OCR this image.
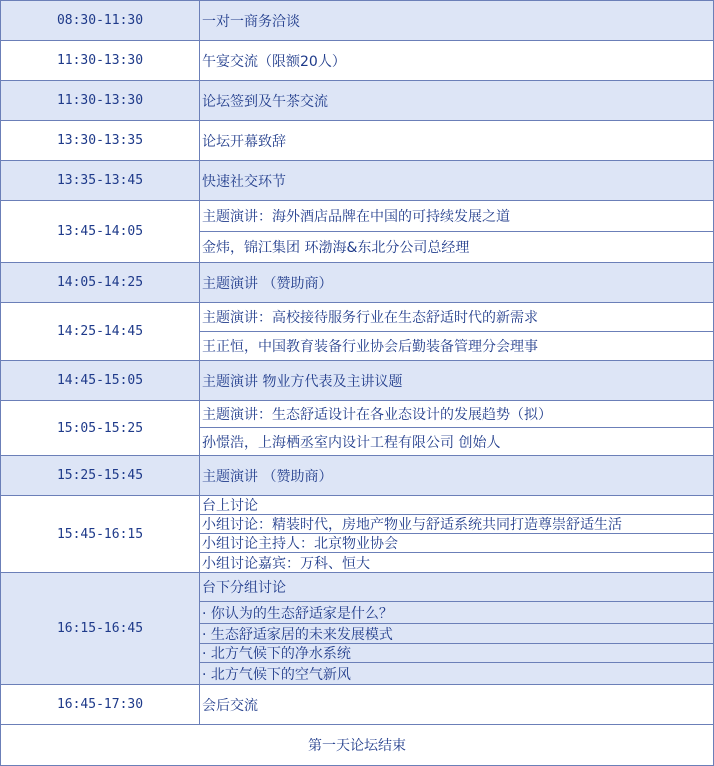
08:30-11:30	一对一商务洽谈
11:30-13:30	午宴交流（限额20人）
11:30-13:30	论坛签到及午茶交流
13:30-13:35	论坛开幕致辞
13:35-13:45	快速社交环节
13:45-14:05	主题演讲：海外酒店品牌在中国的可持续发展之道
金炜，锦江集团 环渤海&东北分公司总经理

14:05-14:25	主题演讲 （赞助商）
14:25-14:45	主题演讲：高校接待服务行业在生态舒适时代的新需求
王正恒，中国教育装备行业协会后勤装备管理分会理事

14:45-15:05	主题演讲 物业方代表及主讲议题
15:05-15:25	主题演讲：生态舒适设计在各业态设计的发展趋势（拟）
孙憬浩，上海栖丞室内设计工程有限公司 创始人

15:25-15:45	主题演讲 （赞助商）
15:45-16:15	台上讨论
小组讨论：精装时代，房地产物业与舒适系统共同打造尊崇舒适生活
小组讨论主持人：北京物业协会
小组讨论嘉宾：万科、恒大

16:15-16:45	台下分组讨论
· 你认为的生态舒适家是什么？
· 生态舒适家居的未来发展模式
· 北方气候下的净水系统
· 北方气候下的空气新风

16:45-17:30	会后交流
第一天论坛结束	
